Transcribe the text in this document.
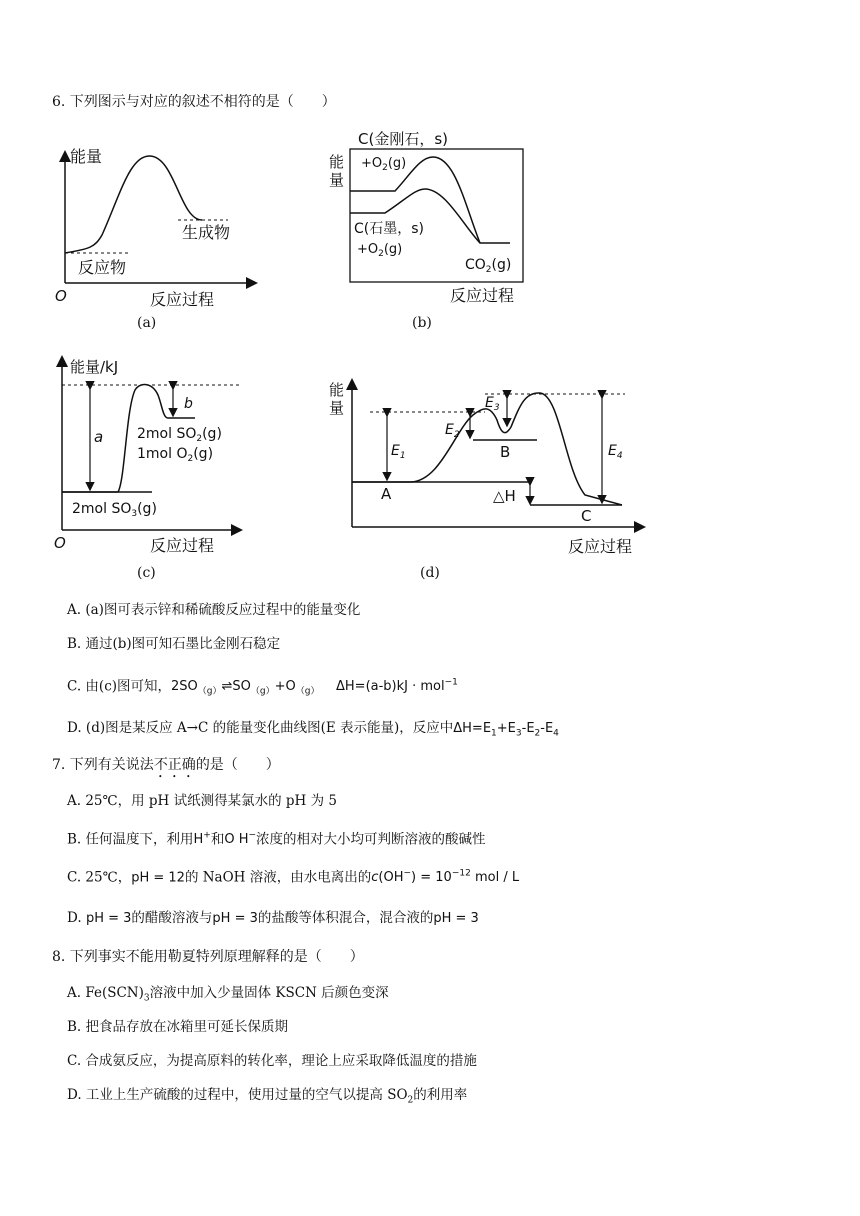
6. 下列图示与对应的叙述不相符的是（　　）
能量
生成物
反应物
O	反应过程
(a)
C(金刚石，s)
$+O_2(g)$
能
量
C(石墨，s)
$+O_2(g)$
$CO_2(g)$
反应过程
(b)
能量/kJ
a
b
2mol $SO_2(g)$
1mol $O_2(g)$
2mol $SO_3(g)$
O	反应过程
(c)
能
量
$E_1$
$E_2$
$E_3$
$E_4$
A
B
C
△H
反应过程
(d)
A. (a)图可表示锌和稀硫酸反应过程中的能量变化
B. 通过(b)图可知石墨比金刚石稳定
C. 由(c)图可知，$2SO_{(g)}\rightleftharpoons SO_{(g)}+O_{(g)}$ ΔH=(a-b)kJ · mol$^{-1}$
D. (d)图是某反应 A→C 的能量变化曲线图(E 表示能量)，反应中$\Delta H=E_1+E_3-E_2-E_4$
7. 下列有关说法不正确的是（　　）
A. 25℃，用 pH 试纸测得某氯水的 pH 为 5
B. 任何温度下，利用H+和O H−浓度的相对大小均可判断溶液的酸碱性
C. 25℃，pH = 12的 NaOH 溶液，由水电离出的$c(OH^-) = 10^{-12}$ mol / L
D. pH = 3的醋酸溶液与pH = 3的盐酸等体积混合，混合液的pH = 3
8. 下列事实不能用勒夏特列原理解释的是（　　）
A. $Fe(SCN)_3$溶液中加入少量固体 KSCN 后颜色变深
B. 把食品存放在冰箱里可延长保质期
C. 合成氨反应，为提高原料的转化率，理论上应采取降低温度的措施
D. 工业上生产硫酸的过程中，使用过量的空气以提高 $SO_2$的利用率
